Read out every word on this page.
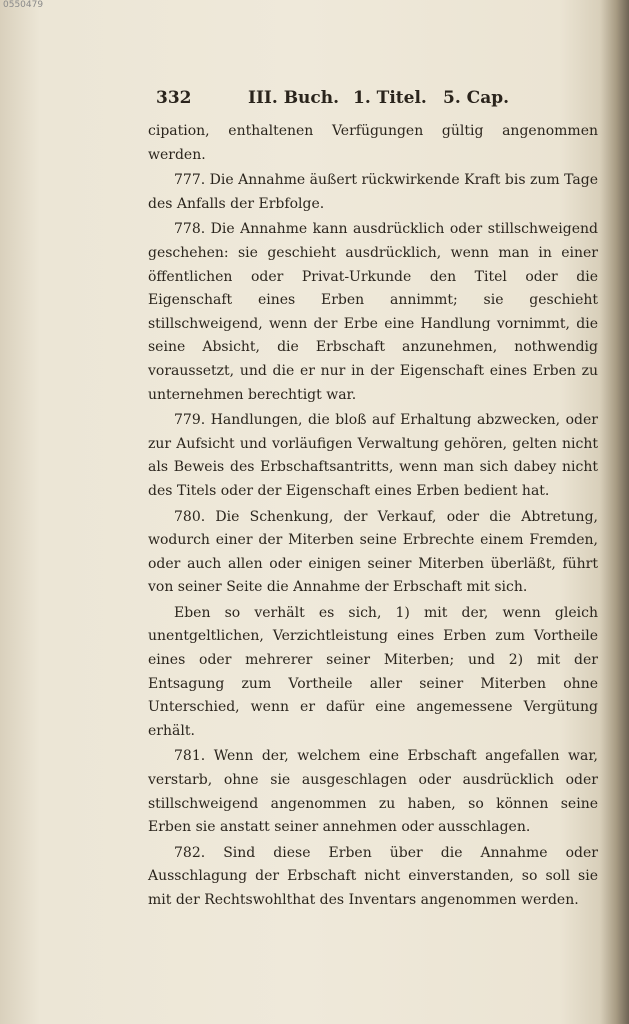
0550479
332	III. Buch. 1. Titel. 5. Cap.

cipation, enthaltenen Verfügungen gültig angenommen werden.

777. Die Annahme äußert rückwirkende Kraft bis zum Tage des Anfalls der Erbfolge.

778. Die Annahme kann ausdrücklich oder stillschweigend geschehen: sie geschieht ausdrücklich, wenn man in einer öffentlichen oder Privat-Urkunde den Titel oder die Eigenschaft eines Erben annimmt; sie geschieht stillschweigend, wenn der Erbe eine Handlung vornimmt, die seine Absicht, die Erbschaft anzunehmen, nothwendig voraussetzt, und die er nur in der Eigenschaft eines Erben zu unternehmen berechtigt war.

779. Handlungen, die bloß auf Erhaltung abzwecken, oder zur Aufsicht und vorläufigen Verwaltung gehören, gelten nicht als Beweis des Erbschaftsantritts, wenn man sich dabey nicht des Titels oder der Eigenschaft eines Erben bedient hat.

780. Die Schenkung, der Verkauf, oder die Abtretung, wodurch einer der Miterben seine Erbrechte einem Fremden, oder auch allen oder einigen seiner Miterben überläßt, führt von seiner Seite die Annahme der Erbschaft mit sich.

Eben so verhält es sich, 1) mit der, wenn gleich unentgeltlichen, Verzichtleistung eines Erben zum Vortheile eines oder mehrerer seiner Miterben; und 2) mit der Entsagung zum Vortheile aller seiner Miterben ohne Unterschied, wenn er dafür eine angemessene Vergütung erhält.

781. Wenn der, welchem eine Erbschaft angefallen war, verstarb, ohne sie ausgeschlagen oder ausdrücklich oder stillschweigend angenommen zu haben, so können seine Erben sie anstatt seiner annehmen oder ausschlagen.

782. Sind diese Erben über die Annahme oder Ausschlagung der Erbschaft nicht einverstanden, so soll sie mit der Rechtswohlthat des Inventars angenommen werden.
